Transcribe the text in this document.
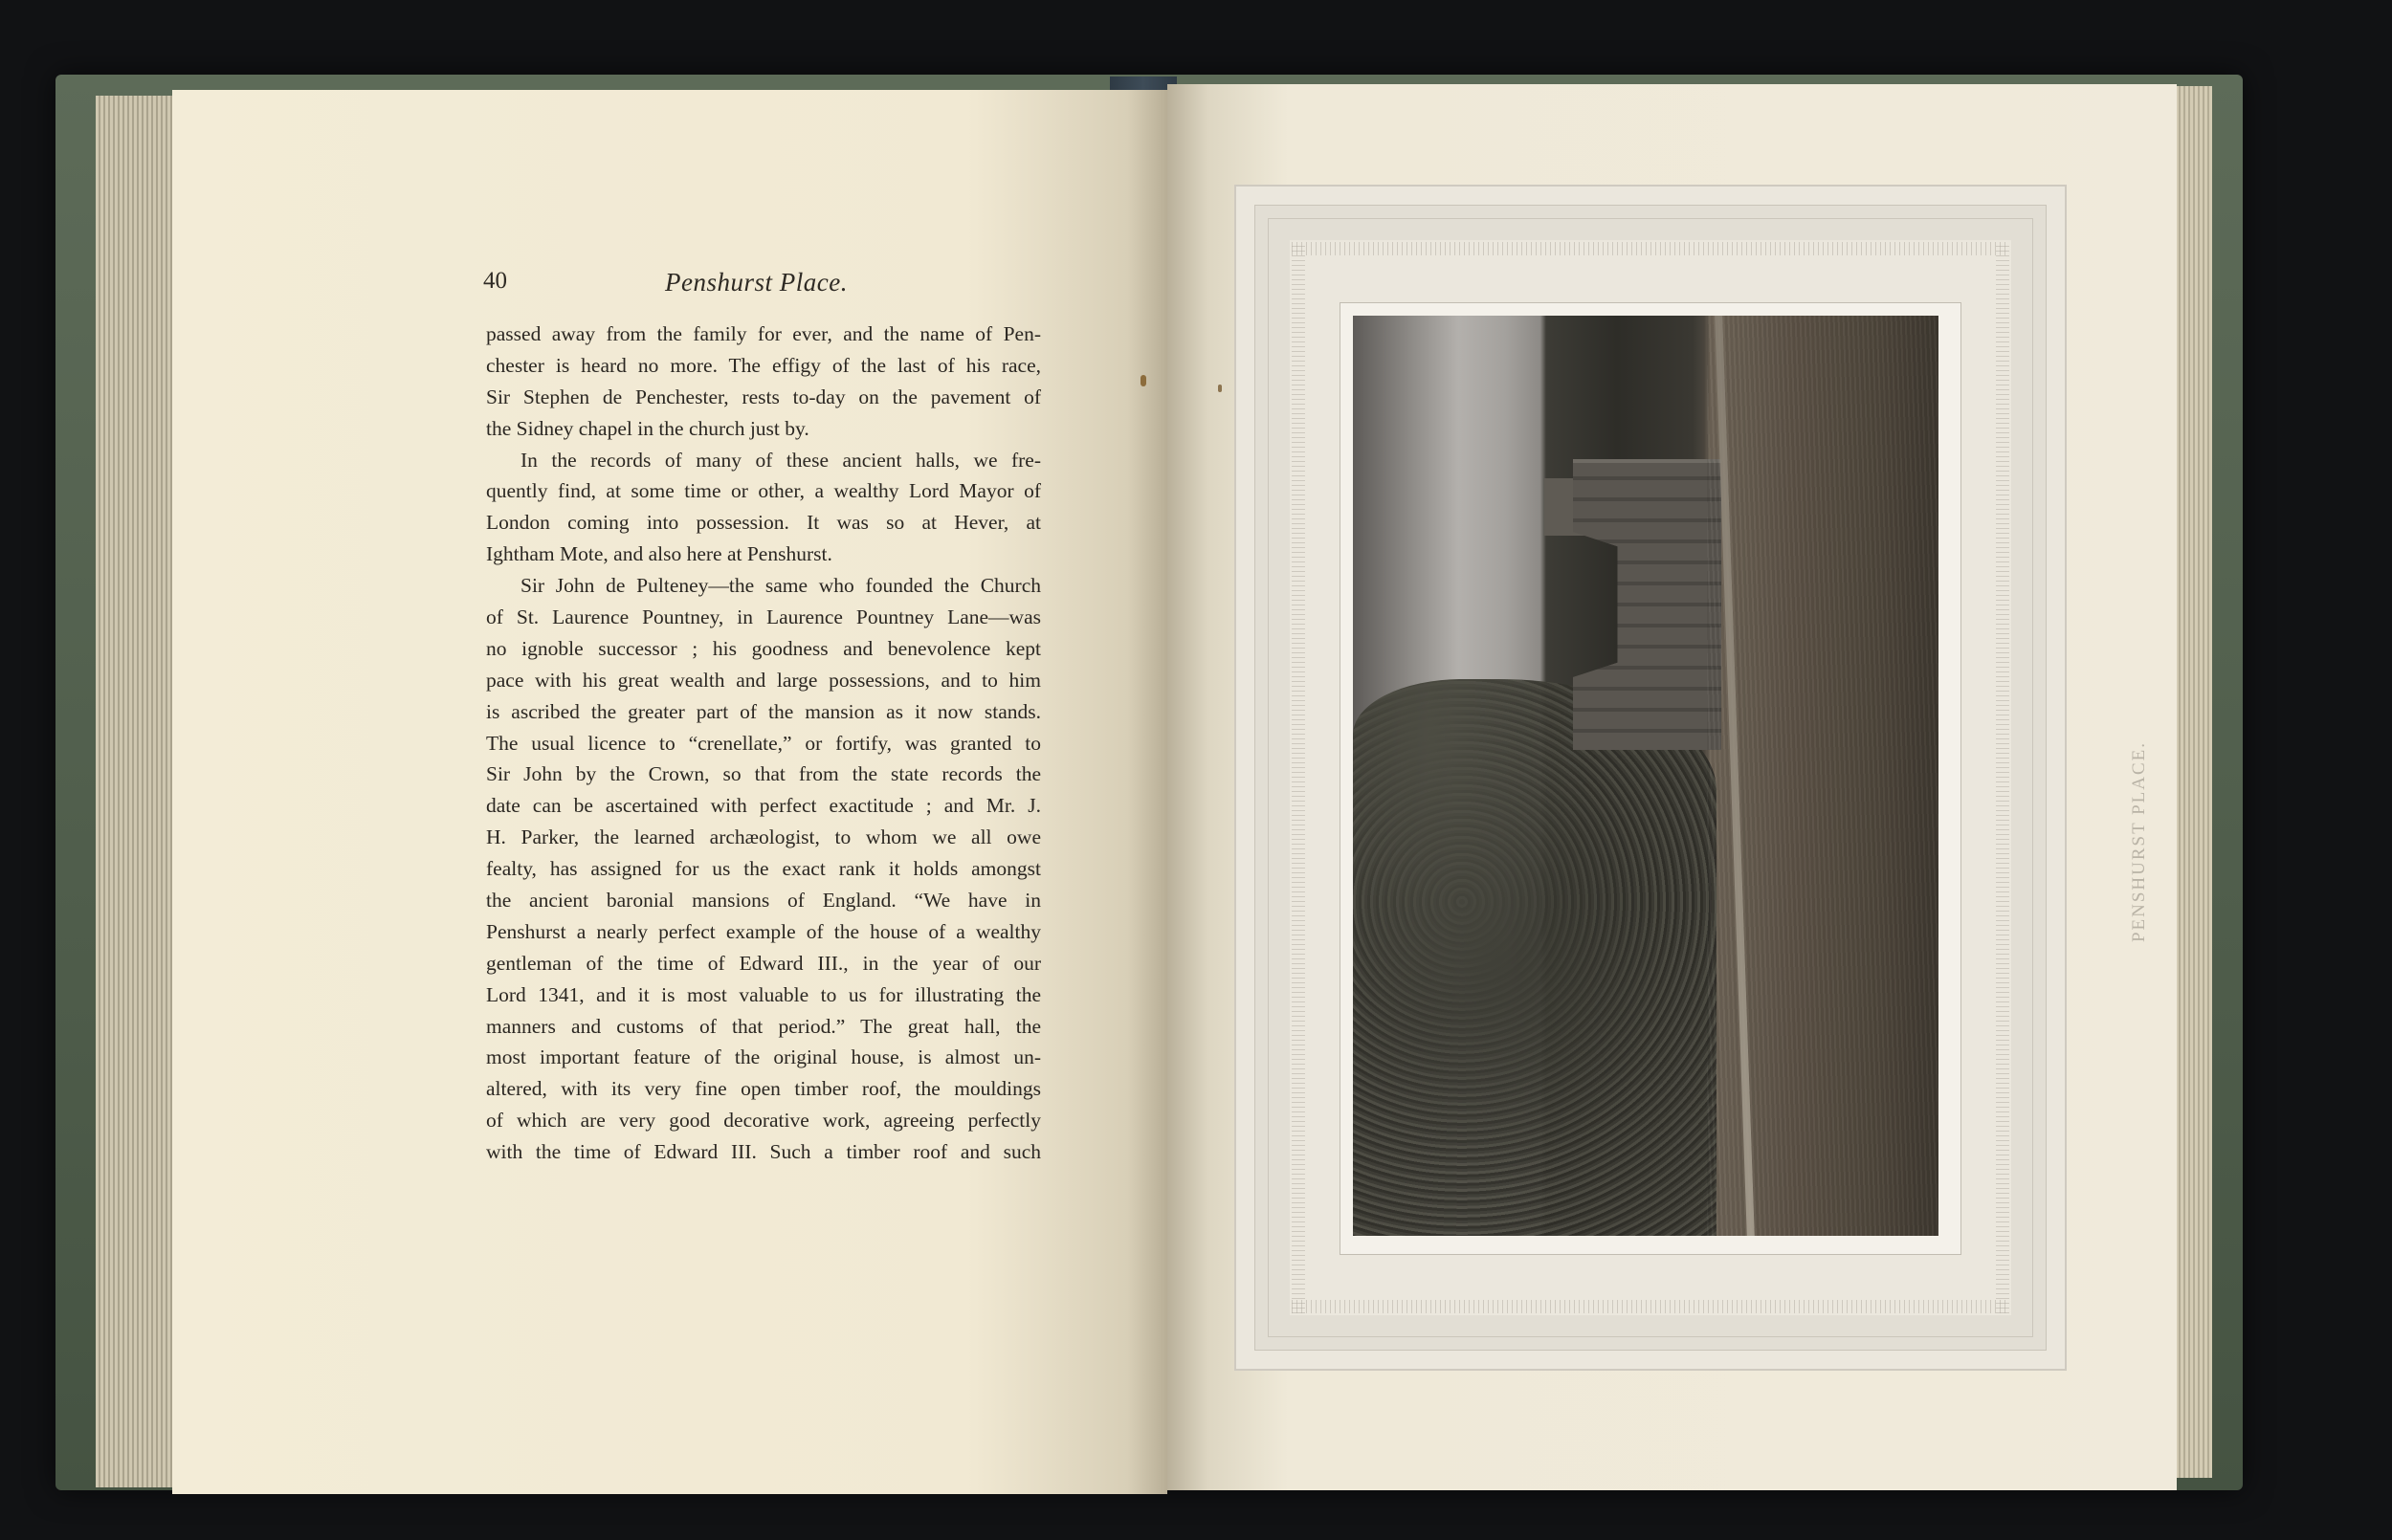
40	Penshurst Place.
passed away from the family for ever, and the name of Pen-
chester is heard no more. The effigy of the last of his race,
Sir Stephen de Penchester, rests to-day on the pavement of
the Sidney chapel in the church just by.
In the records of many of these ancient halls, we fre-
quently find, at some time or other, a wealthy Lord Mayor of
London coming into possession. It was so at Hever, at
Ightham Mote, and also here at Penshurst.
Sir John de Pulteney—the same who founded the Church
of St. Laurence Pountney, in Laurence Pountney Lane—was
no ignoble successor ; his goodness and benevolence kept
pace with his great wealth and large possessions, and to him
is ascribed the greater part of the mansion as it now stands.
The usual licence to “crenellate,” or fortify, was granted to
Sir John by the Crown, so that from the state records the
date can be ascertained with perfect exactitude ; and Mr. J.
H. Parker, the learned archæologist, to whom we all owe
fealty, has assigned for us the exact rank it holds amongst
the ancient baronial mansions of England. “We have in
Penshurst a nearly perfect example of the house of a wealthy
gentleman of the time of Edward III., in the year of our
Lord 1341, and it is most valuable to us for illustrating the
manners and customs of that period.” The great hall, the
most important feature of the original house, is almost un-
altered, with its very fine open timber roof, the mouldings
of which are very good decorative work, agreeing perfectly
with the time of Edward III. Such a timber roof and such
PENSHURST PLACE.
